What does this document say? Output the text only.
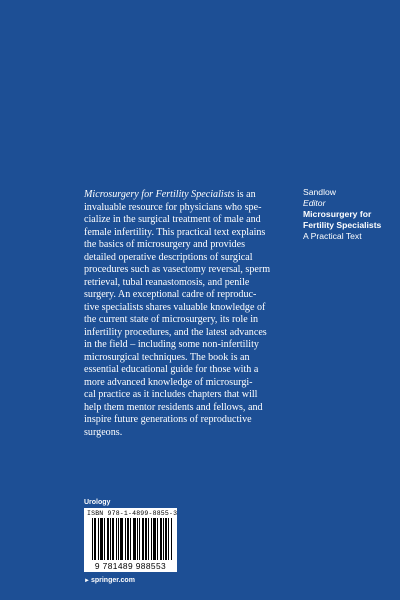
Microsurgery for Fertility Specialists is an
invaluable resource for physicians who spe-
cialize in the surgical treatment of male and
female infertility. This practical text explains
the basics of microsurgery and provides
detailed operative descriptions of surgical
procedures such as vasectomy reversal, sperm
retrieval, tubal reanastomosis, and penile
surgery. An exceptional cadre of reproduc-
tive specialists shares valuable knowledge of
the current state of microsurgery, its role in
infertility procedures, and the latest advances
in the field – including some non-infertility
microsurgical techniques. The book is an
essential educational guide for those with a
more advanced knowledge of microsurgi-
cal practice as it includes chapters that will
help them mentor residents and fellows, and
inspire future generations of reproductive
surgeons.

Sandlow
Editor
Microsurgery for
Fertility Specialists
A Practical Text
Urology
ISBN 978-1-4899-8855-3
9 781489 988553
►springer.com
